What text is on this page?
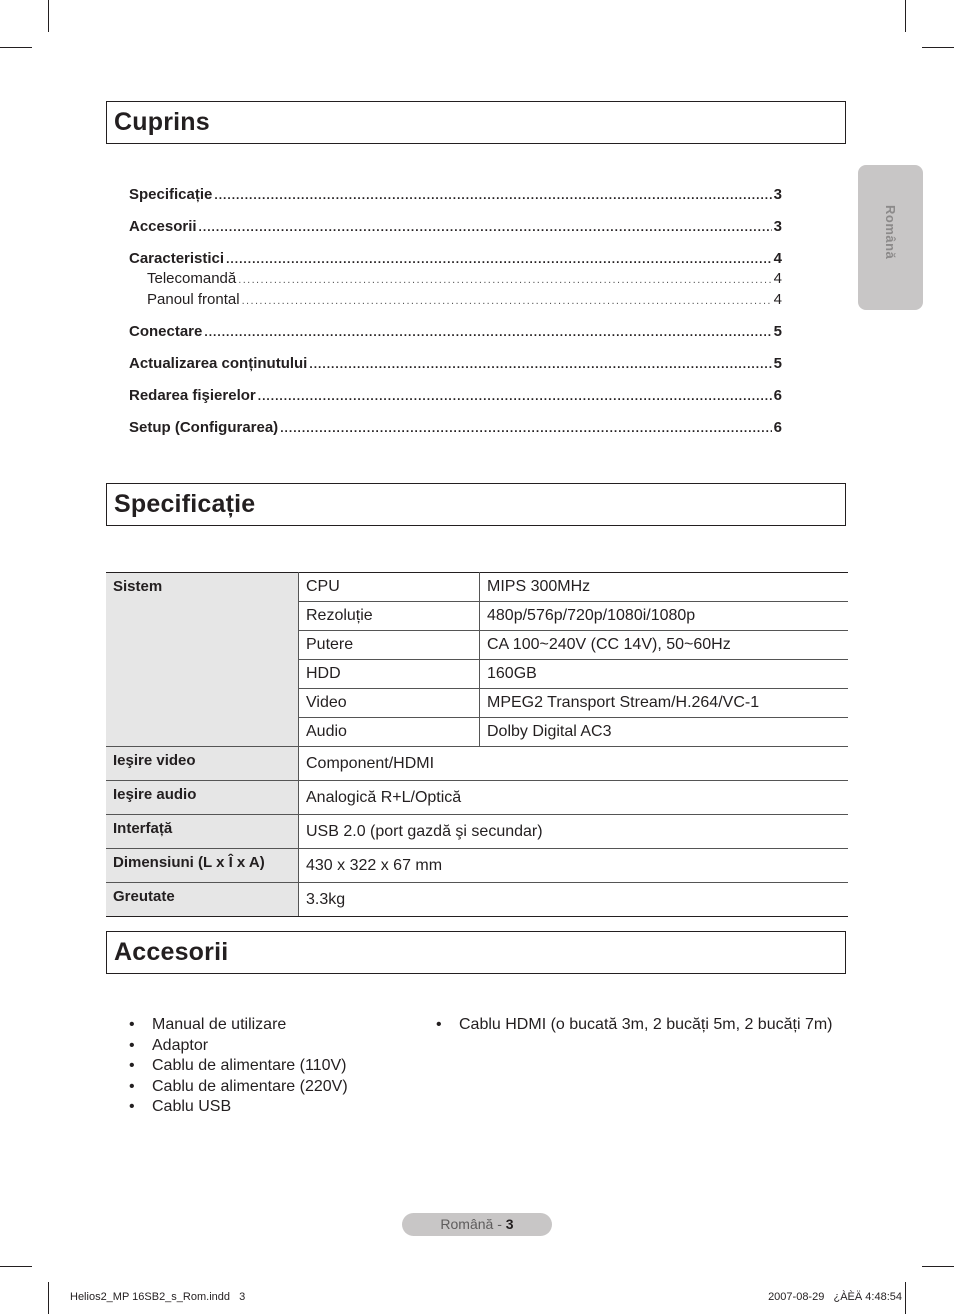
Română
Cuprins
Specificație .....	3
Accesorii .....	3
Caracteristici .....	4
Telecomandă .....	4
Panoul frontal .....	4
Conectare .....	5
Actualizarea conținutului .....	5
Redarea fişierelor .....	6
Setup (Configurarea) .....	6
Specificație
Sistem	CPU	MIPS 300MHz
	Rezoluție	480p/576p/720p/1080i/1080p
	Putere	CA 100~240V (CC 14V), 50~60Hz
	HDD	160GB
	Video	MPEG2 Transport Stream/H.264/VC-1
	Audio	Dolby Digital AC3
Ieşire video	Component/HDMI	
Ieşire audio	Analogică R+L/Optică	
Interfață	USB 2.0 (port gazdă şi secundar)	
Dimensiuni (L x Î x A)	430 x 322 x 67 mm	
Greutate	3.3kg	
Accesorii
• Manual de utilizare
• Adaptor
• Cablu de alimentare (110V)
• Cablu de alimentare (220V)
• Cablu USB
• Cablu HDMI (o bucată 3m, 2 bucăți 5m, 2 bucăți 7m)
Română - 3
Helios2_MP 16SB2_s_Rom.indd   3	2007-08-29   ¿ÀÈÄ 4:48:54
